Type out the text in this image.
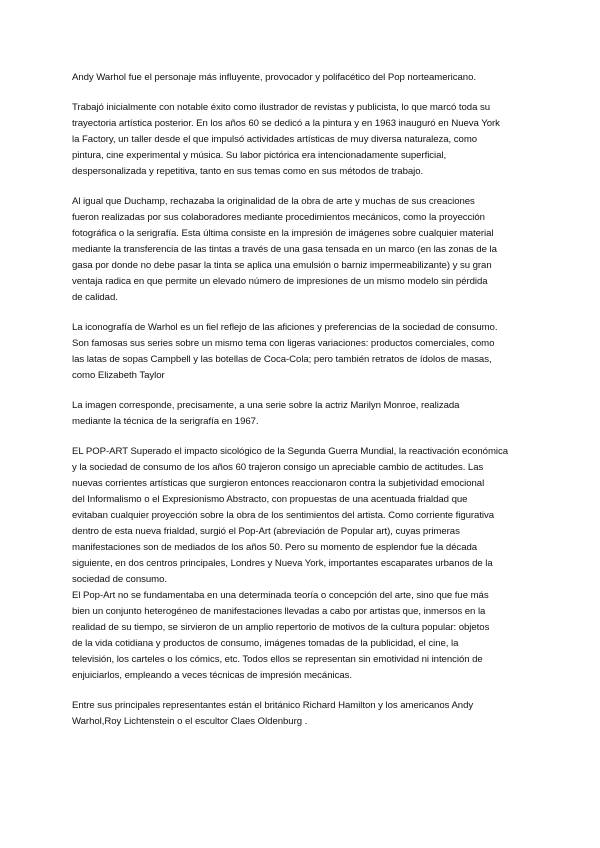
Andy Warhol fue el personaje más influyente, provocador y polifacético del Pop norteamericano.

Trabajó inicialmente con notable éxito como ilustrador de revistas y publicista, lo que marcó toda su
trayectoria artística posterior. En los años 60 se dedicó a la pintura y en 1963 inauguró en Nueva York
la Factory, un taller desde el que impulsó actividades artísticas de muy diversa naturaleza, como
pintura, cine experimental y música. Su labor pictórica era intencionadamente superficial,
despersonalizada y repetitiva, tanto en sus temas como en sus métodos de trabajo.

Al igual que Duchamp, rechazaba la originalidad de la obra de arte y muchas de sus creaciones
fueron realizadas por sus colaboradores mediante procedimientos mecánicos, como la proyección
fotográfica o la serigrafía. Esta última consiste en la impresión de imágenes sobre cualquier material
mediante la transferencia de las tintas a través de una gasa tensada en un marco (en las zonas de la
gasa por donde no debe pasar la tinta se aplica una emulsión o barniz impermeabilizante) y su gran
ventaja radica en que permite un elevado número de impresiones de un mismo modelo sin pérdida
de calidad.

La iconografía de Warhol es un fiel reflejo de las aficiones y preferencias de la sociedad de consumo.
Son famosas sus series sobre un mismo tema con ligeras variaciones: productos comerciales, como
las latas de sopas Campbell y las botellas de Coca-Cola; pero también retratos de ídolos de masas,
como Elizabeth Taylor

La imagen corresponde, precisamente, a una serie sobre la actriz Marilyn Monroe, realizada
mediante la técnica de la serigrafía en 1967.

EL POP-ART Superado el impacto sicológico de la Segunda Guerra Mundial, la reactivación económica
y la sociedad de consumo de los años 60 trajeron consigo un apreciable cambio de actitudes. Las
nuevas corrientes artísticas que surgieron entonces reaccionaron contra la subjetividad emocional
del Informalismo o el Expresionismo Abstracto, con propuestas de una acentuada frialdad que
evitaban cualquier proyección sobre la obra de los sentimientos del artista. Como corriente figurativa
dentro de esta nueva frialdad, surgió el Pop-Art (abreviación de Popular art), cuyas primeras
manifestaciones son de mediados de los años 50. Pero su momento de esplendor fue la década
siguiente, en dos centros principales, Londres y Nueva York, importantes escaparates urbanos de la
sociedad de consumo.

El Pop-Art no se fundamentaba en una determinada teoría o concepción del arte, sino que fue más
bien un conjunto heterogéneo de manifestaciones llevadas a cabo por artistas que, inmersos en la
realidad de su tiempo, se sirvieron de un amplio repertorio de motivos de la cultura popular: objetos
de la vida cotidiana y productos de consumo, imágenes tomadas de la publicidad, el cine, la
televisión, los carteles o los cómics, etc. Todos ellos se representan sin emotividad ni intención de
enjuiciarlos, empleando a veces técnicas de impresión mecánicas.

Entre sus principales representantes están el británico Richard Hamilton y los americanos Andy
Warhol,Roy Lichtenstein o el escultor Claes Oldenburg .
